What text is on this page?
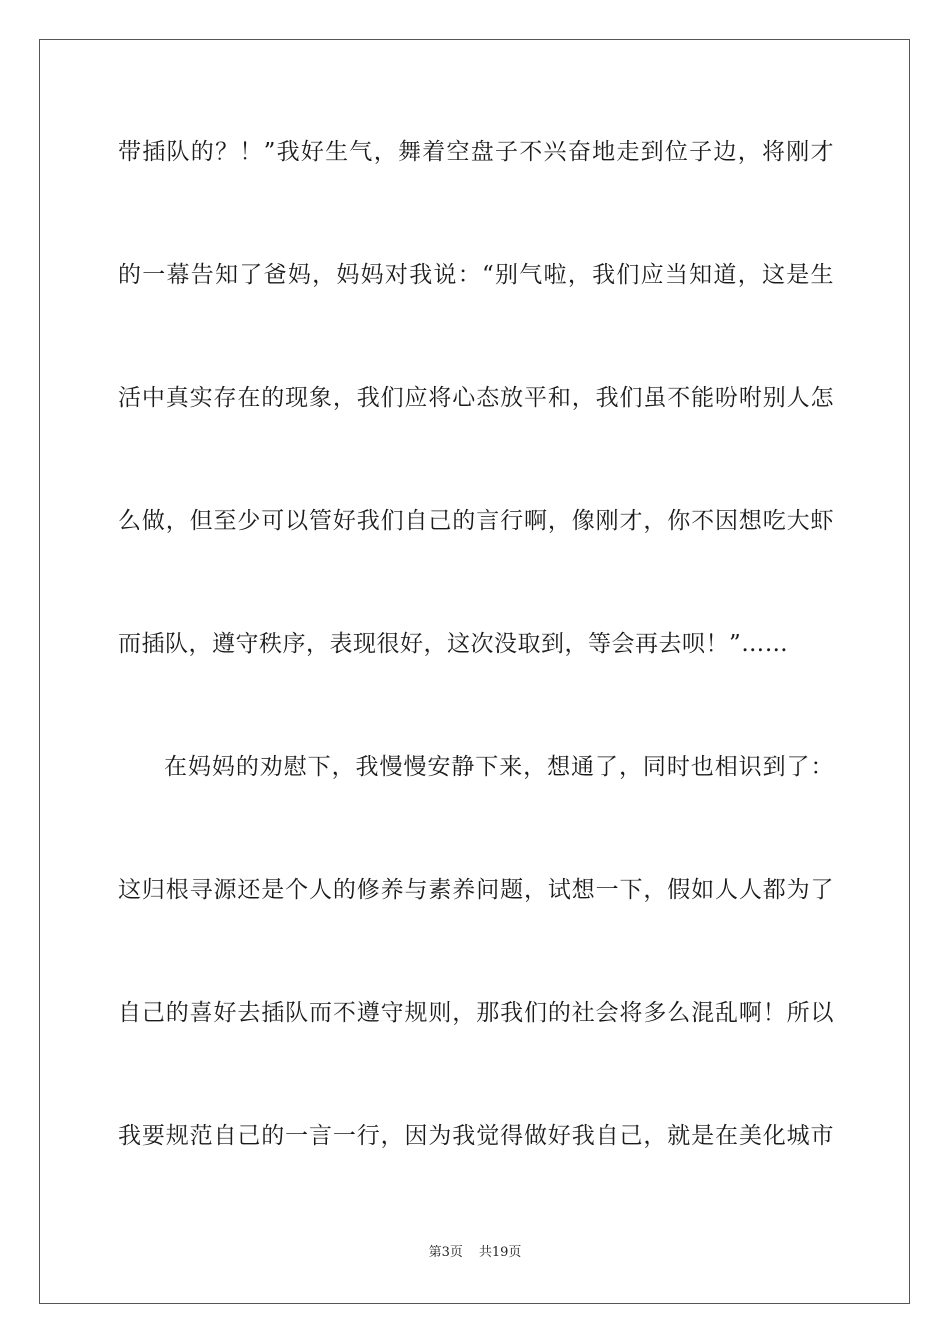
带插队的？！”我好生气，舞着空盘子不兴奋地走到位子边，将刚才
的一幕告知了爸妈，妈妈对我说：“别气啦，我们应当知道，这是生
活中真实存在的现象，我们应将心态放平和，我们虽不能吩咐别人怎
么做，但至少可以管好我们自己的言行啊，像刚才，你不因想吃大虾
而插队，遵守秩序，表现很好，这次没取到，等会再去呗！”……
在妈妈的劝慰下，我慢慢安静下来，想通了，同时也相识到了：
这归根寻源还是个人的修养与素养问题，试想一下，假如人人都为了
自己的喜好去插队而不遵守规则，那我们的社会将多么混乱啊！所以
我要规范自己的一言一行，因为我觉得做好我自己，就是在美化城市
第3页 共19页
